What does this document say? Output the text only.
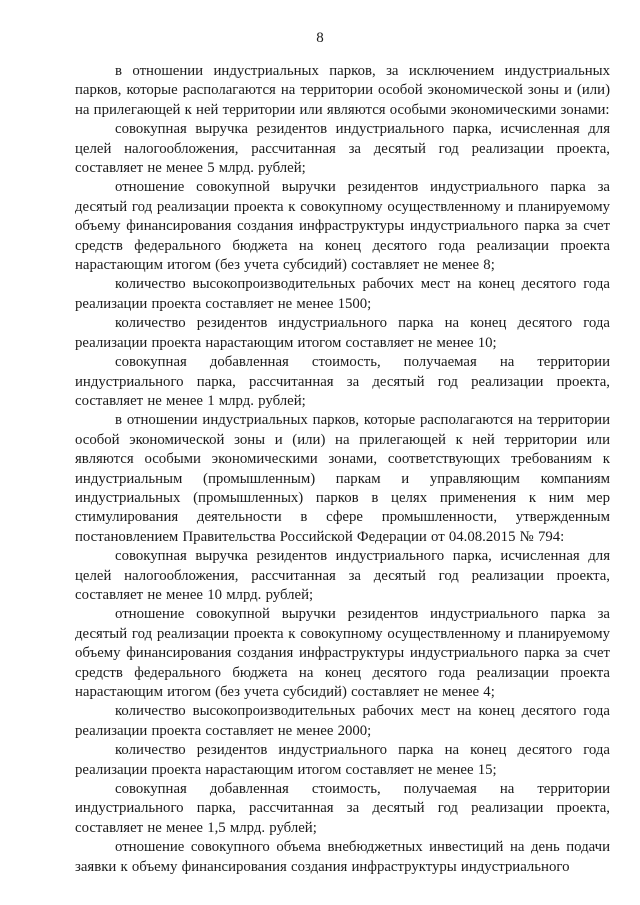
8

в отношении индустриальных парков, за исключением индустриальных парков, которые располагаются на территории особой экономической зоны и (или) на прилегающей к ней территории или являются особыми экономическими зонами:

совокупная выручка резидентов индустриального парка, исчисленная для целей налогообложения, рассчитанная за десятый год реализации проекта, составляет не менее 5 млрд. рублей;

отношение совокупной выручки резидентов индустриального парка за десятый год реализации проекта к совокупному осуществленному и планируемому объему финансирования создания инфраструктуры индустриального парка за счет средств федерального бюджета на конец десятого года реализации проекта нарастающим итогом (без учета субсидий) составляет не менее 8;

количество высокопроизводительных рабочих мест на конец десятого года реализации проекта составляет не менее 1500;

количество резидентов индустриального парка на конец десятого года реализации проекта нарастающим итогом составляет не менее 10;

совокупная добавленная стоимость, получаемая на территории индустриального парка, рассчитанная за десятый год реализации проекта, составляет не менее 1 млрд. рублей;

в отношении индустриальных парков, которые располагаются на территории особой экономической зоны и (или) на прилегающей к ней территории или являются особыми экономическими зонами, соответствующих требованиям к индустриальным (промышленным) паркам и управляющим компаниям индустриальных (промышленных) парков в целях применения к ним мер стимулирования деятельности в сфере промышленности, утвержденным постановлением Правительства Российской Федерации от 04.08.2015 № 794:

совокупная выручка резидентов индустриального парка, исчисленная для целей налогообложения, рассчитанная за десятый год реализации проекта, составляет не менее 10 млрд. рублей;

отношение совокупной выручки резидентов индустриального парка за десятый год реализации проекта к совокупному осуществленному и планируемому объему финансирования создания инфраструктуры индустриального парка за счет средств федерального бюджета на конец десятого года реализации проекта нарастающим итогом (без учета субсидий) составляет не менее 4;

количество высокопроизводительных рабочих мест на конец десятого года реализации проекта составляет не менее 2000;

количество резидентов индустриального парка на конец десятого года реализации проекта нарастающим итогом составляет не менее 15;

совокупная добавленная стоимость, получаемая на территории индустриального парка, рассчитанная за десятый год реализации проекта, составляет не менее 1,5 млрд. рублей;

отношение совокупного объема внебюджетных инвестиций на день подачи заявки к объему финансирования создания инфраструктуры индустриального
